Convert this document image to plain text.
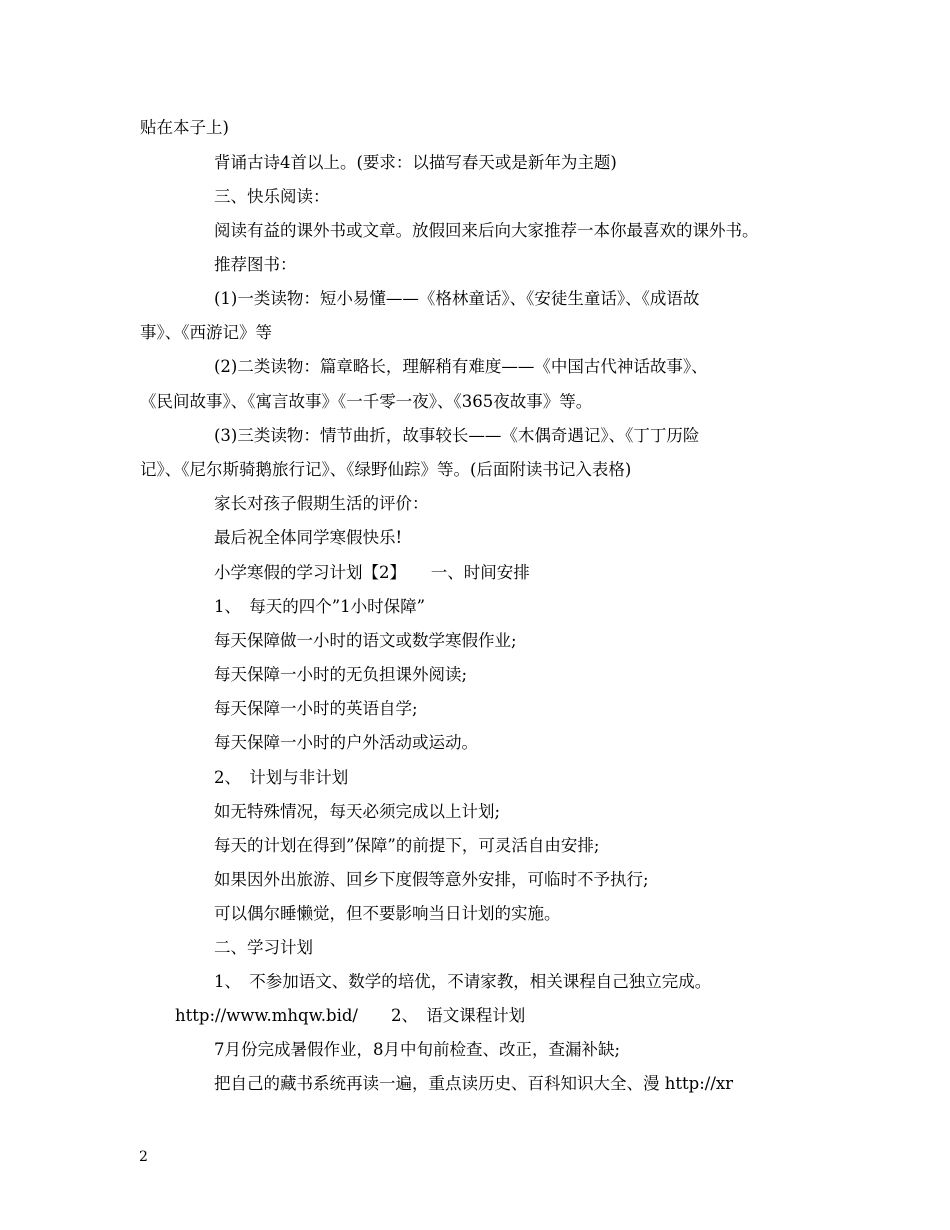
贴在本子上)
背诵古诗4首以上。(要求：以描写春天或是新年为主题)
三、快乐阅读：
阅读有益的课外书或文章。放假回来后向大家推荐一本你最喜欢的课外书。
推荐图书：
(1)一类读物：短小易懂——《格林童话》、《安徒生童话》、《成语故
事》、《西游记》等
(2)二类读物：篇章略长，理解稍有难度——《中国古代神话故事》、
《民间故事》、《寓言故事》《一千零一夜》、《365夜故事》等。
(3)三类读物：情节曲折，故事较长——《木偶奇遇记》、《丁丁历险
记》、《尼尔斯骑鹅旅行记》、《绿野仙踪》等。(后面附读书记入表格)
家长对孩子假期生活的评价：
最后祝全体同学寒假快乐!
小学寒假的学习计划【2】　　一、时间安排
1、　每天的四个”1小时保障”
每天保障做一小时的语文或数学寒假作业;
每天保障一小时的无负担课外阅读;
每天保障一小时的英语自学;
每天保障一小时的户外活动或运动。
2、　计划与非计划
如无特殊情况，每天必须完成以上计划;
每天的计划在得到”保障”的前提下，可灵活自由安排;
如果因外出旅游、回乡下度假等意外安排，可临时不予执行;
可以偶尔睡懒觉，但不要影响当日计划的实施。
二、学习计划
1、　不参加语文、数学的培优，不请家教，相关课程自己独立完成。
http://www.mhqw.bid/　　2、　语文课程计划
7月份完成暑假作业，8月中旬前检查、改正，查漏补缺;
把自己的藏书系统再读一遍，重点读历史、百科知识大全、漫 http://xr
2
